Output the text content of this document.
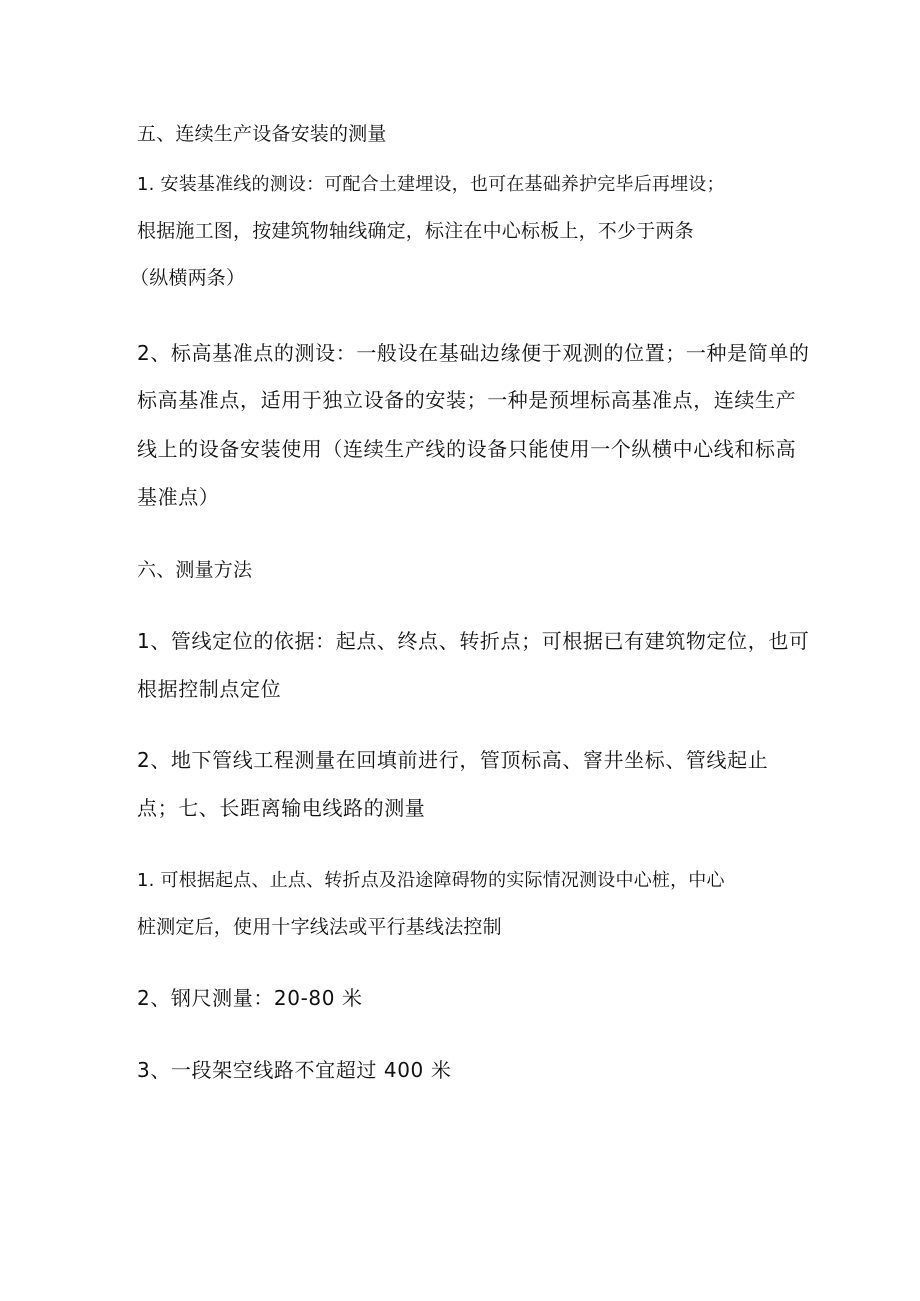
五、连续生产设备安装的测量
1. 安装基准线的测设：可配合土建埋设，也可在基础养护完毕后再埋设；
根据施工图，按建筑物轴线确定，标注在中心标板上，不少于两条
（纵横两条）
2、标高基准点的测设：一般设在基础边缘便于观测的位置；一种是简单的
标高基准点，适用于独立设备的安装；一种是预埋标高基准点，连续生产
线上的设备安装使用（连续生产线的设备只能使用一个纵横中心线和标高
基准点）
六、测量方法
1、管线定位的依据：起点、终点、转折点；可根据已有建筑物定位，也可
根据控制点定位
2、地下管线工程测量在回填前进行，管顶标高、窨井坐标、管线起止
点；七、长距离输电线路的测量
1. 可根据起点、止点、转折点及沿途障碍物的实际情况测设中心桩，中心
桩测定后，使用十字线法或平行基线法控制
2、钢尺测量：20-80 米
3、一段架空线路不宜超过 400 米
